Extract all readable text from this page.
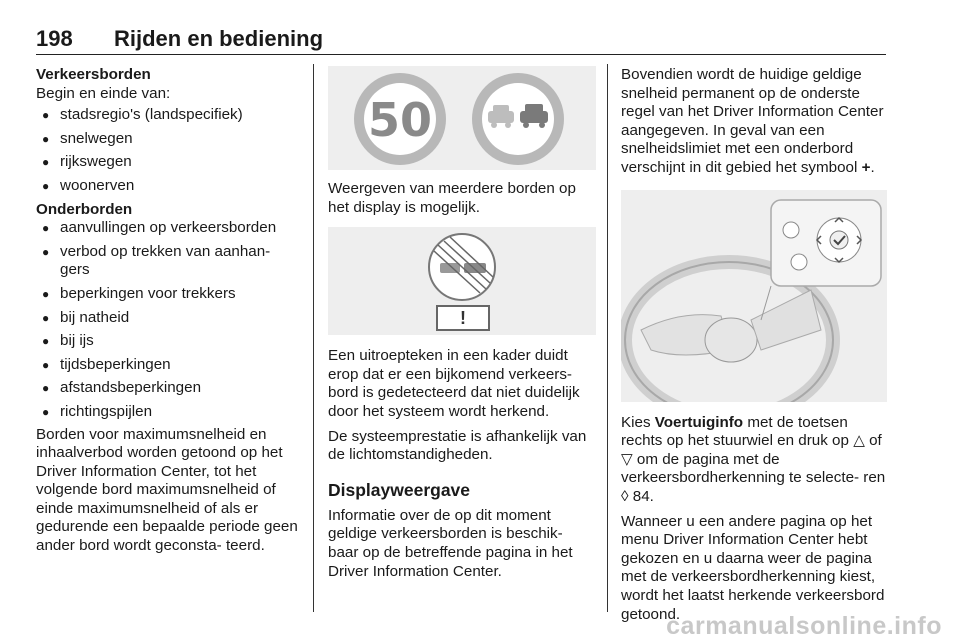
198 Rijden en bediening

Verkeersborden

Begin en einde van:

● stadsregio's (landspecifiek)
● snelwegen
● rijkswegen
● woonerven

Onderborden

● aanvullingen op verkeersborden
● verbod op trekken van aanhan- gers
● beperkingen voor trekkers
● bij natheid
● bij ijs
● tijdsbeperkingen
● afstandsbeperkingen
● richtingspijlen

Borden voor maximumsnelheid en inhaalverbod worden getoond op het Driver Information Center, tot het volgende bord maximumsnelheid of einde maximumsnelheid of als er gedurende een bepaalde periode geen ander bord wordt geconsta- teerd.

50

Weergeven van meerdere borden op het display is mogelijk.

!

Een uitroepteken in een kader duidt erop dat er een bijkomend verkeers- bord is gedetecteerd dat niet duidelijk door het systeem wordt herkend.

De systeemprestatie is afhankelijk van de lichtomstandigheden.

Displayweergave

Informatie over de op dit moment geldige verkeersborden is beschik- baar op de betreffende pagina in het Driver Information Center.

Bovendien wordt de huidige geldige snelheid permanent op de onderste regel van het Driver Information Center aangegeven. In geval van een snelheidslimiet met een onderbord verschijnt in dit gebied het symbool +.

Kies Voertuiginfo met de toetsen rechts op het stuurwiel en druk op △ of ▽ om de pagina met de verkeersbordherkenning te selecte- ren ◊ 84.

Wanneer u een andere pagina op het menu Driver Information Center hebt gekozen en u daarna weer de pagina met de verkeersbordherkenning kiest, wordt het laatst herkende verkeersbord getoond.

carmanualsonline.info
